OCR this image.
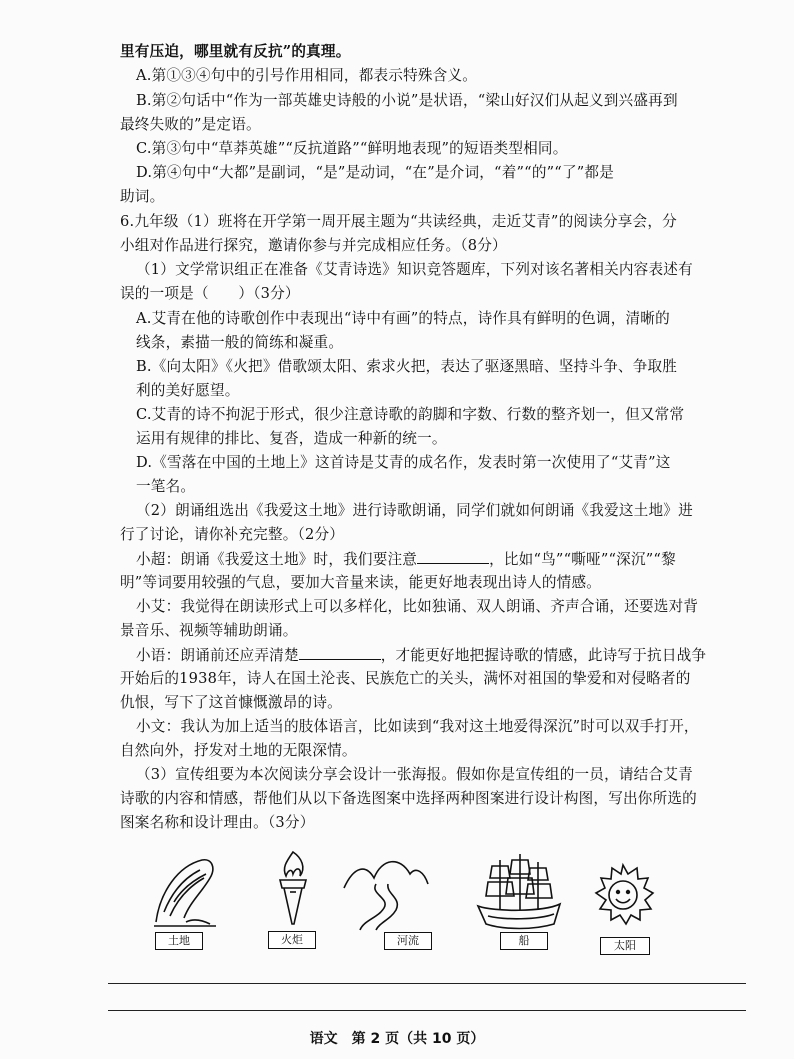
里有压迫，哪里就有反抗”的真理。
A.第①③④句中的引号作用相同，都表示特殊含义。
B.第②句话中“作为一部英雄史诗般的小说”是状语，“梁山好汉们从起义到兴盛再到
最终失败的”是定语。
C.第③句中“草莽英雄”“反抗道路”“鲜明地表现”的短语类型相同。
D.第④句中“大都”是副词，“是”是动词，“在”是介词，“着”“的”“了”都是
助词。
6.九年级（1）班将在开学第一周开展主题为“共读经典，走近艾青”的阅读分享会，分
小组对作品进行探究，邀请你参与并完成相应任务。（8分）
（1）文学常识组正在准备《艾青诗选》知识竞答题库，下列对该名著相关内容表述有
误的一项是（　　）（3分）
A.艾青在他的诗歌创作中表现出“诗中有画”的特点，诗作具有鲜明的色调，清晰的
线条，素描一般的简练和凝重。
B.《向太阳》《火把》借歌颂太阳、索求火把，表达了驱逐黑暗、坚持斗争、争取胜
利的美好愿望。
C.艾青的诗不拘泥于形式，很少注意诗歌的韵脚和字数、行数的整齐划一，但又常常
运用有规律的排比、复沓，造成一种新的统一。
D.《雪落在中国的土地上》这首诗是艾青的成名作，发表时第一次使用了“艾青”这
一笔名。
（2）朗诵组选出《我爱这土地》进行诗歌朗诵，同学们就如何朗诵《我爱这土地》进
行了讨论，请你补充完整。（2分）
小超：朗诵《我爱这土地》时，我们要注意	，比如“鸟”“嘶哑”“深沉”“黎
明”等词要用较强的气息，要加大音量来读，能更好地表现出诗人的情感。
小艾：我觉得在朗读形式上可以多样化，比如独诵、双人朗诵、齐声合诵，还要选对背
景音乐、视频等辅助朗诵。
小语：朗诵前还应弄清楚	，才能更好地把握诗歌的情感，此诗写于抗日战争
开始后的1938年，诗人在国土沦丧、民族危亡的关头，满怀对祖国的挚爱和对侵略者的
仇恨，写下了这首慷慨激昂的诗。
小文：我认为加上适当的肢体语言，比如读到“我对这土地爱得深沉”时可以双手打开，
自然向外，抒发对土地的无限深情。
（3）宣传组要为本次阅读分享会设计一张海报。假如你是宣传组的一员，请结合艾青
诗歌的内容和情感，帮他们从以下备选图案中选择两种图案进行设计构图，写出你所选的
图案名称和设计理由。（3分）
土地	火炬	河流	船	太阳
语文　第 2 页（共 10 页）
